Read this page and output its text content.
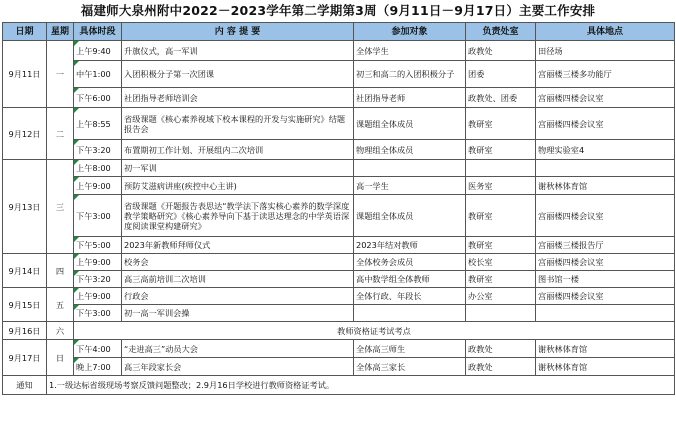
福建师大泉州附中2022－2023学年第二学期第3周（9月11日－9月17日）主要工作安排
日期	星期	具体时段	内 容 提 要	参加对象	负责处室	具体地点
9月11日	一	上午9:40	升旗仪式，高一军训	全体学生	政教处	田径场
		中午1:00	入团积极分子第一次团课	初三和高二的入团积极分子	团委	宫丽楼三楼多功能厅
		下午6:00	社团指导老师培训会	社团指导老师	政教处、团委	宫丽楼四楼会议室
9月12日	二	上午8:55	省级课题《核心素养视域下校本课程的开发与实施研究》结题报告会	课题组全体成员	教研室	宫丽楼四楼会议室
		下午3:20	布置期初工作计划、开展组内二次培训	物理组全体成员	教研室	物理实验室4
9月13日	三	上午8:00	初一军训			
		上午9:00	预防艾滋病讲座(疾控中心主讲)	高一学生	医务室	谢秋林体育馆
		下午3:00	省级课题《开题报告表思达“教学法下落实核心素养的数学深度教学策略研究》《核心素养导向下基于读思达理念的中学英语深度阅读课堂构建研究》	课题组全体成员	教研室	宫丽楼四楼会议室
		下午5:00	2023年新教师拜师仪式	2023年结对教师	教研室	宫丽楼三楼报告厅
9月14日	四	上午9:00	校务会	全体校务会成员	校长室	宫丽楼四楼会议室
		下午3:20	高三高前培训二次培训	高中数学组全体教师	教研室	图书馆一楼
9月15日	五	上午9:00	行政会	全体行政、年段长	办公室	宫丽楼四楼会议室
		下午3:00	初一高一军训会操			
9月16日	六	教师资格证考试考点				
9月17日	日	下午4:00	“走进高三”动员大会	全体高三师生	政教处	谢秋林体育馆
		晚上7:00	高三年段家长会	全体高三家长	政教处	谢秋林体育馆
通知	1.一级达标省级现场考察反馈问题整改；2.9月16日学校进行教师资格证考试。					
